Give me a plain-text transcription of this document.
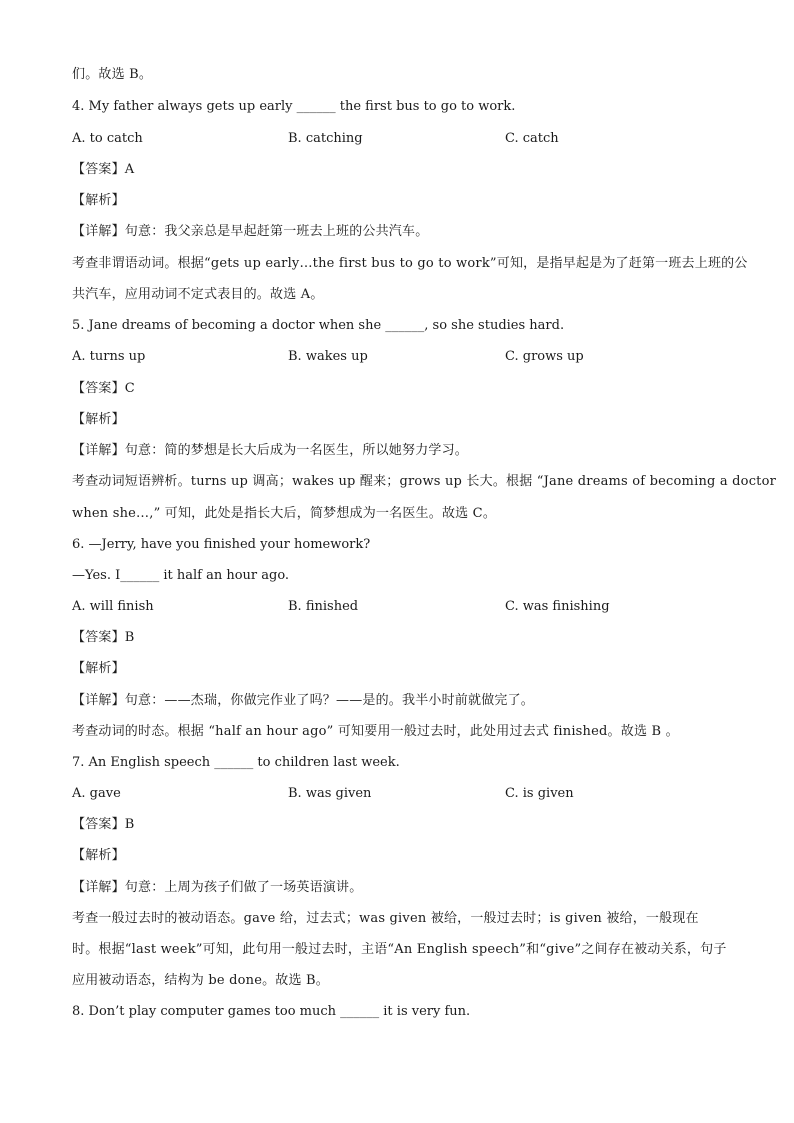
们。故选 B。
4. My father always gets up early ______ the first bus to go to work.
A. to catch	B. catching	C. catch
【答案】A
【解析】
【详解】句意：我父亲总是早起赶第一班去上班的公共汽车。
考查非谓语动词。根据“gets up early…the first bus to go to work”可知，是指早起是为了赶第一班去上班的公
共汽车，应用动词不定式表目的。故选 A。
5. Jane dreams of becoming a doctor when she ______, so she studies hard.
A. turns up	B. wakes up	C. grows up
【答案】C
【解析】
【详解】句意：简的梦想是长大后成为一名医生，所以她努力学习。
考查动词短语辨析。turns up 调高；wakes up 醒来；grows up 长大。根据 “Jane dreams of becoming a doctor
when she…,” 可知，此处是指长大后，简梦想成为一名医生。故选 C。
6. —Jerry, have you finished your homework?
—Yes. I______ it half an hour ago.
A. will finish	B. finished	C. was finishing
【答案】B
【解析】
【详解】句意：——杰瑞，你做完作业了吗？——是的。我半小时前就做完了。
考查动词的时态。根据 “half an hour ago” 可知要用一般过去时，此处用过去式 finished。故选 B 。
7. An English speech ______ to children last week.
A. gave	B. was given	C. is given
【答案】B
【解析】
【详解】句意：上周为孩子们做了一场英语演讲。
考查一般过去时的被动语态。gave 给，过去式；was given 被给，一般过去时；is given 被给，一般现在
时。根据“last week”可知，此句用一般过去时，主语“An English speech”和“give”之间存在被动关系，句子
应用被动语态，结构为 be done。故选 B。
8. Don’t play computer games too much ______ it is very fun.
